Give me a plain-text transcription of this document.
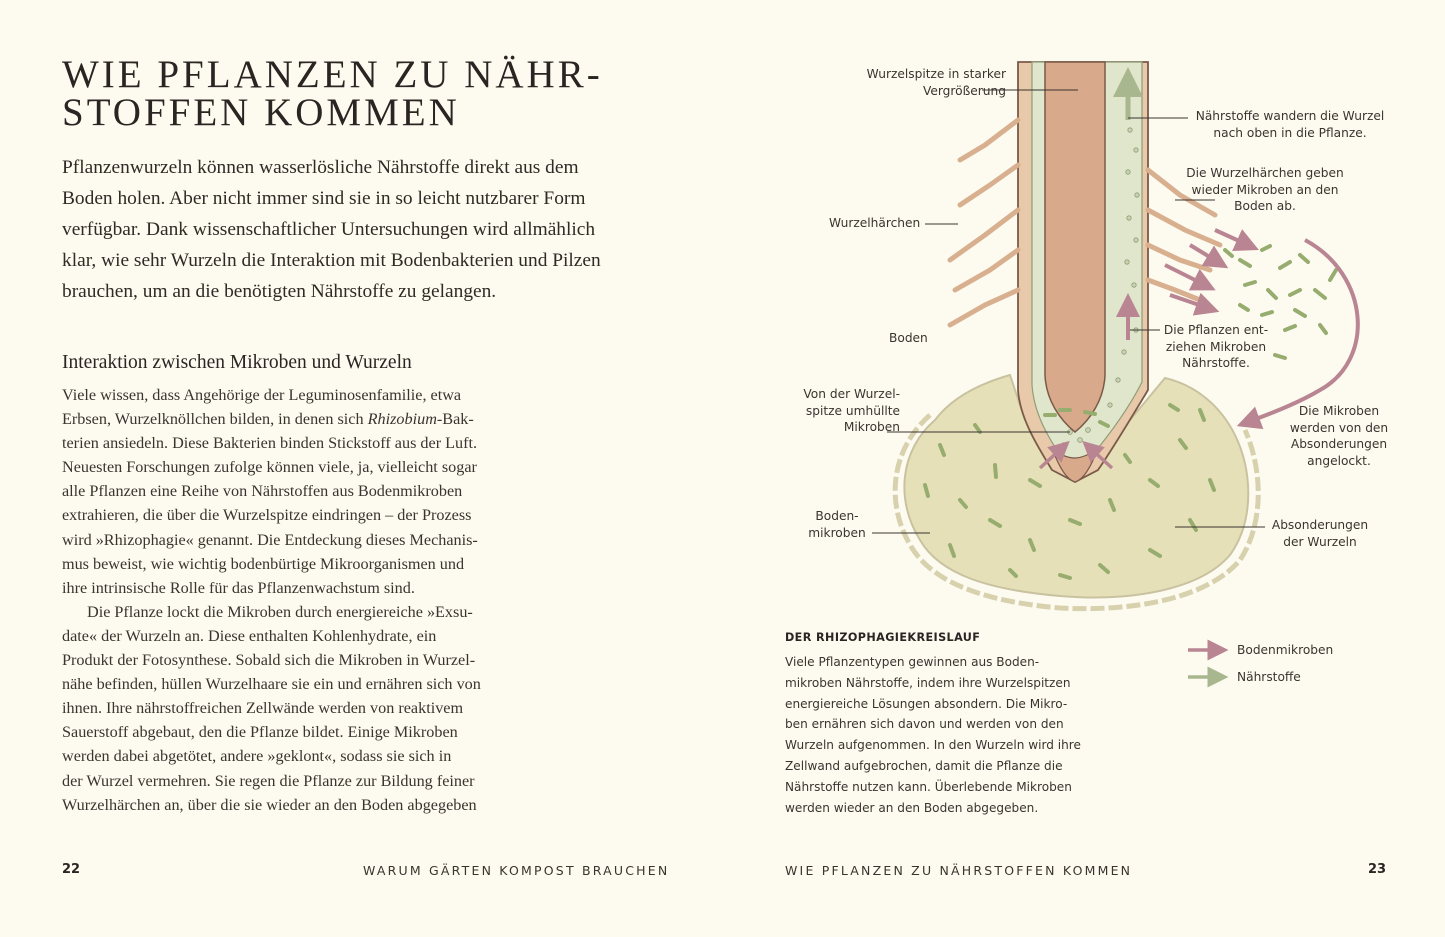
WIE PFLANZEN ZU NÄHR-
STOFFEN KOMMEN
Pflanzenwurzeln können wasserlösliche Nährstoffe direkt aus dem
Boden holen. Aber nicht immer sind sie in so leicht nutzbarer Form
verfügbar. Dank wissenschaftlicher Untersuchungen wird allmählich
klar, wie sehr Wurzeln die Interaktion mit Bodenbakterien und Pilzen
brauchen, um an die benötigten Nährstoffe zu gelangen.
Interaktion zwischen Mikroben und Wurzeln
Viele wissen, dass Angehörige der Leguminosenfamilie, etwa
Erbsen, Wurzelknöllchen bilden, in denen sich Rhizobium-Bak-
terien ansiedeln. Diese Bakterien binden Stickstoff aus der Luft.
Neuesten Forschungen zufolge können viele, ja, vielleicht sogar
alle Pflanzen eine Reihe von Nährstoffen aus Bodenmikroben
extrahieren, die über die Wurzelspitze eindringen – der Prozess
wird »Rhizophagie« genannt. Die Entdeckung dieses Mechanis-
mus beweist, wie wichtig bodenbürtige Mikroorganismen und
ihre intrinsische Rolle für das Pflanzenwachstum sind.
Die Pflanze lockt die Mikroben durch energiereiche »Exsu-
date« der Wurzeln an. Diese enthalten Kohlenhydrate, ein
Produkt der Fotosynthese. Sobald sich die Mikroben in Wurzel-
nähe befinden, hüllen Wurzelhaare sie ein und ernähren sich von
ihnen. Ihre nährstoffreichen Zellwände werden von reaktivem
Sauerstoff abgebaut, den die Pflanze bildet. Einige Mikroben
werden dabei abgetötet, andere »geklont«, sodass sie sich in
der Wurzel vermehren. Sie regen die Pflanze zur Bildung feiner
Wurzelhärchen an, über die sie wieder an den Boden abgegeben
22	WARUM GÄRTEN KOMPOST BRAUCHEN
Wurzelspitze in starker
Vergrößerung
Nährstoffe wandern die Wurzel
nach oben in die Pflanze.
Die Wurzelhärchen geben
wieder Mikroben an den
Boden ab.
Wurzelhärchen
Boden
Die Pflanzen ent-
ziehen Mikroben
Nährstoffe.
Von der Wurzel-
spitze umhüllte
Mikroben
Die Mikroben
werden von den
Absonderungen
angelockt.
Boden-
mikroben
Absonderungen
der Wurzeln
DER RHIZOPHAGIEKREISLAUF
Viele Pflanzentypen gewinnen aus Boden-
mikroben Nährstoffe, indem ihre Wurzelspitzen
energiereiche Lösungen absondern. Die Mikro-
ben ernähren sich davon und werden von den
Wurzeln aufgenommen. In den Wurzeln wird ihre
Zellwand aufgebrochen, damit die Pflanze die
Nährstoffe nutzen kann. Überlebende Mikroben
werden wieder an den Boden abgegeben.
Bodenmikroben
Nährstoffe
WIE PFLANZEN ZU NÄHRSTOFFEN KOMMEN	23
